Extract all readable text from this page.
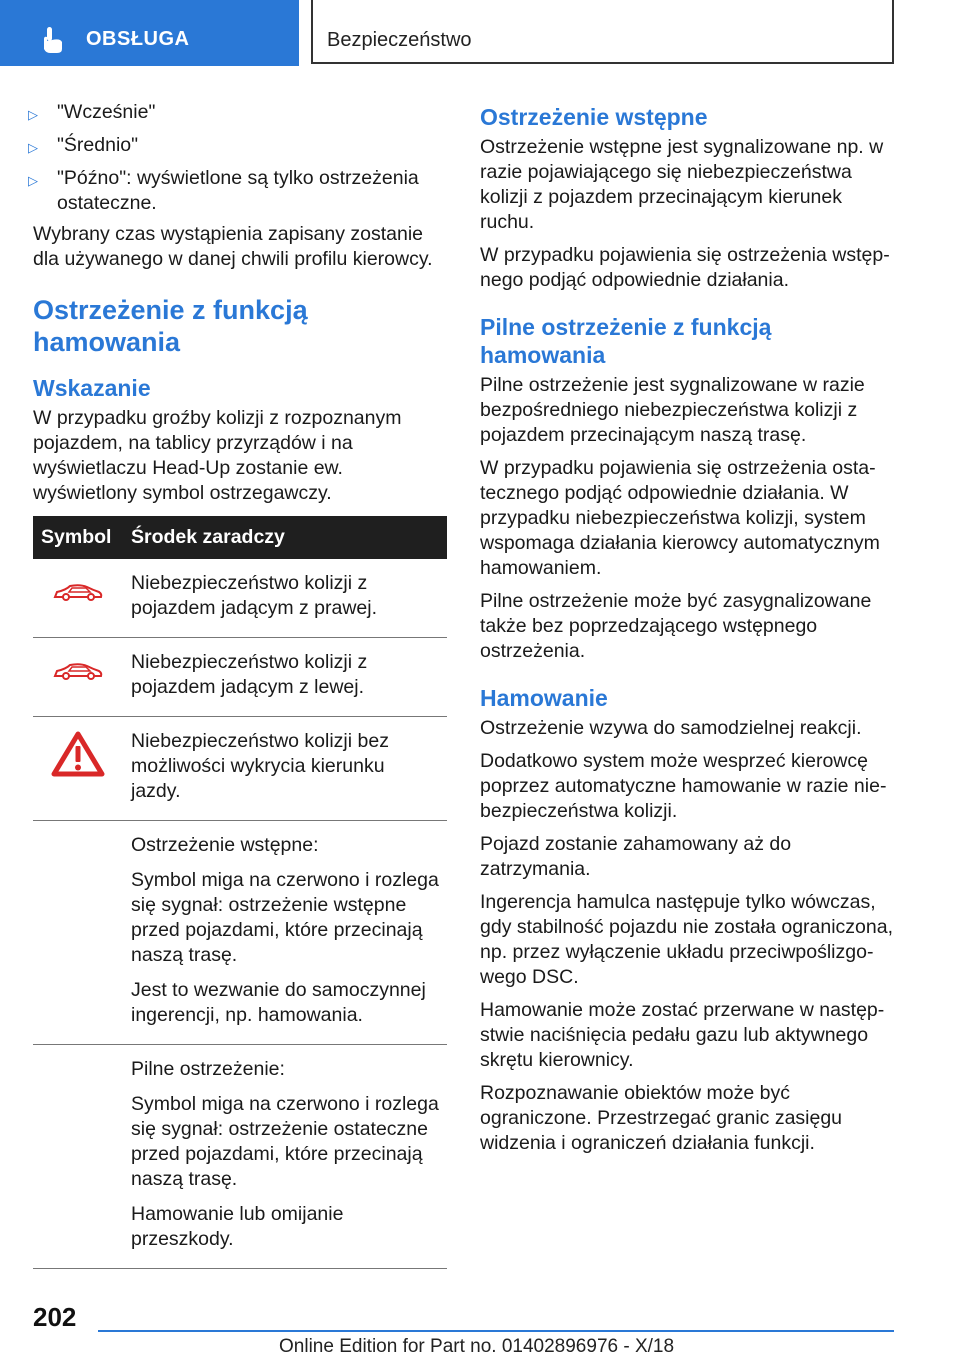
OBSŁUGA	Bezpieczeństwo
▷ "Wcześnie"
▷ "Średnio"
▷ "Późno": wyświetlone są tylko ostrzeżenia ostateczne.

Wybrany czas wystąpienia zapisany zostanie dla używanego w danej chwili profilu kierowcy.

Ostrzeżenie z funkcją hamowania
Wskazanie

W przypadku groźby kolizji z rozpoznanym pojazdem, na tablicy przyrządów i na wyświetlaczu Head-Up zostanie ew. wyświetlony symbol ostrzegawczy.

Symbol	Środek zaradczy

Niebezpieczeństwo kolizji z pojazdem jadącym z prawej.

Niebezpieczeństwo kolizji z pojazdem jadącym z lewej.

Niebezpieczeństwo kolizji bez możliwości wykrycia kierunku jazdy.

	Ostrzeżenie wstępne:

Symbol miga na czerwono i rozlega się sygnał: ostrzeżenie wstępne przed pojazdami, które przecinają naszą trasę.

Jest to wezwanie do samoczynnej ingerencji, np. hamowania.

	Pilne ostrzeżenie:

Symbol miga na czerwono i rozlega się sygnał: ostrzeżenie ostateczne przed pojazdami, które przecinają naszą trasę.

Hamowanie lub omijanie przeszkody.

Ostrzeżenie wstępne

Ostrzeżenie wstępne jest sygnalizowane np. w razie pojawiającego się niebezpieczeństwa kolizji z pojazdem przecinającym kierunek ruchu.

W przypadku pojawienia się ostrzeżenia wstępnego podjąć odpowiednie działania.

Pilne ostrzeżenie z funkcją hamowania

Pilne ostrzeżenie jest sygnalizowane w razie bezpośredniego niebezpieczeństwa kolizji z pojazdem przecinającym naszą trasę.

W przypadku pojawienia się ostrzeżenia ostatecznego podjąć odpowiednie działania. W przypadku niebezpieczeństwa kolizji, system wspomaga działania kierowcy automatycznym hamowaniem.

Pilne ostrzeżenie może być zasygnalizowane także bez poprzedzającego wstępnego ostrzeżenia.

Hamowanie

Ostrzeżenie wzywa do samodzielnej reakcji.

Dodatkowo system może wesprzeć kierowcę poprzez automatyczne hamowanie w razie niebezpieczeństwa kolizji.

Pojazd zostanie zahamowany aż do zatrzymania.

Ingerencja hamulca następuje tylko wówczas, gdy stabilność pojazdu nie została ograniczona, np. przez wyłączenie układu przeciwpoślizgowego DSC.

Hamowanie może zostać przerwane w następstwie naciśnięcia pedału gazu lub aktywnego skrętu kierownicy.

Rozpoznawanie obiektów może być ograniczone. Przestrzegać granic zasięgu widzenia i ograniczeń działania funkcji.

202
Online Edition for Part no. 01402896976 - X/18
